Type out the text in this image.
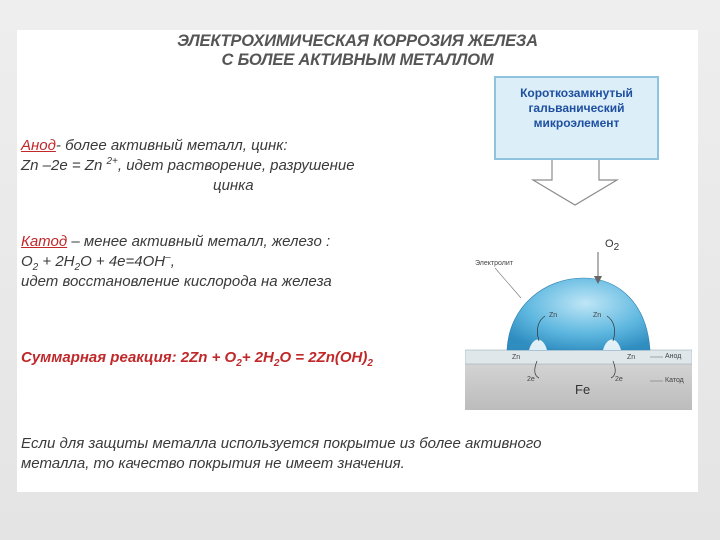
ЭЛЕКТРОХИМИЧЕСКАЯ КОРРОЗИЯ ЖЕЛЕЗА
С БОЛЕЕ АКТИВНЫМ МЕТАЛЛОМ
Короткозамкнутый
гальванический
микроэлемент
Анод- более активный металл, цинк:
Zn –2е = Zn $^{2+}$, идет растворение, разрушение
цинка
Катод – менее активный металл, железо :
$O_2 + 2H_2O + 4e=4OH^-$,
идет восстановление кислорода на железа
Суммарная реакция: $2Zn + O_2+ 2H_2O = 2Zn(OH)_2$
Если для защиты металла используется покрытие из более активного
металла, то качество покрытия не имеет значения.
Электролит
$O_2$
Zn	Zn
Zn	Zn
2e	2e
Анод
Катод
Fe
